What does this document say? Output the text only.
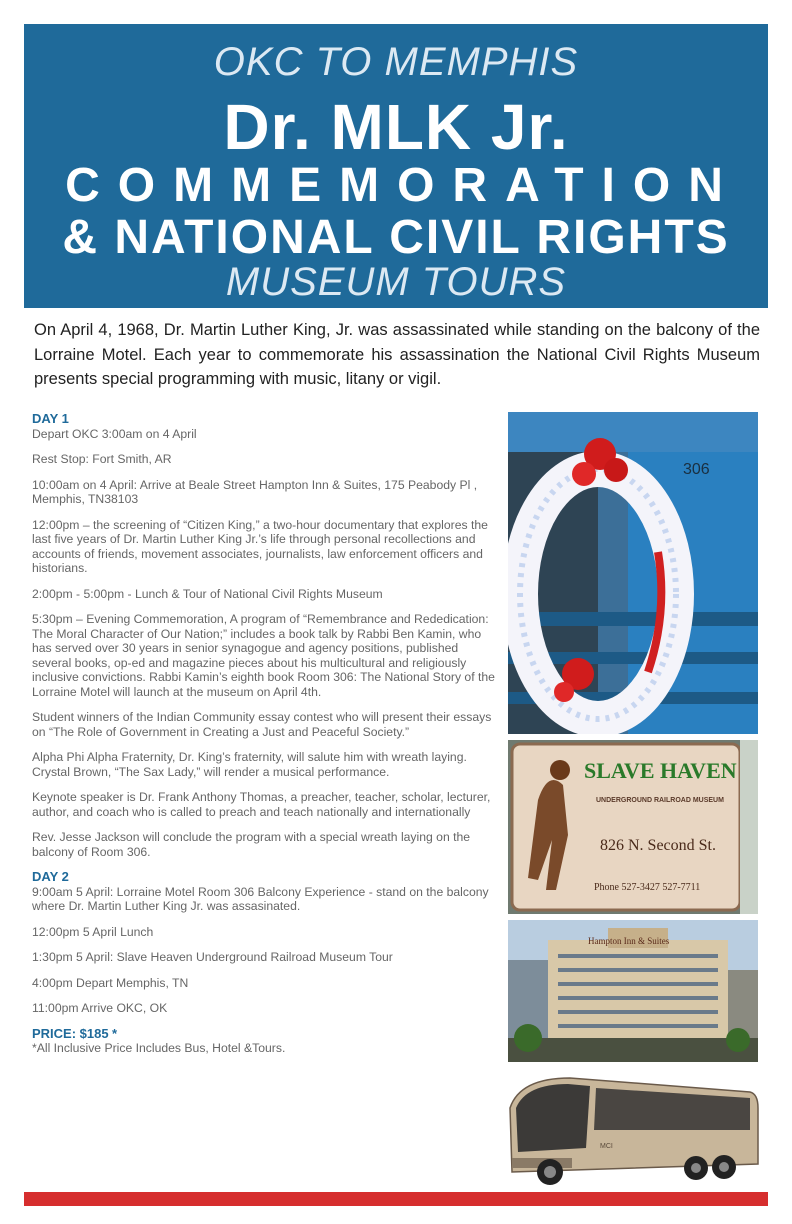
OKC TO MEMPHIS
Dr. MLK Jr.
COMMEMORATION
& NATIONAL CIVIL RIGHTS
MUSEUM TOURS

On April 4, 1968, Dr. Martin Luther King, Jr. was assassinated while standing on the balcony of the Lorraine Motel. Each year to commemorate his assassination the National Civil Rights Museum presents special programming with music, litany or vigil.

DAY 1

Depart OKC 3:00am on 4 April

Rest Stop: Fort Smith, AR

10:00am on 4 April: Arrive at Beale Street Hampton Inn & Suites, 175 Peabody Pl , Memphis, TN38103

12:00pm – the screening of “Citizen King,” a two-hour documentary that explores the last five years of Dr. Martin Luther King Jr.’s life through personal recollections and accounts of friends, movement associates, journalists, law enforcement officers and historians.

2:00pm - 5:00pm - Lunch & Tour of National Civil Rights Museum

5:30pm – Evening Commemoration, A program of “Remembrance and Rededication: The Moral Character of Our Nation;” includes a book talk by Rabbi Ben Kamin, who has served over 30 years in senior synagogue and agency positions, published several books, op-ed and magazine pieces about his multicultural and religiously inclusive convictions. Rabbi Kamin’s eighth book Room 306: The National Story of the Lorraine Motel will launch at the museum on April 4th.

Student winners of the Indian Community essay contest who will present their essays on “The Role of Government in Creating a Just and Peaceful Society.”

Alpha Phi Alpha Fraternity, Dr. King’s fraternity, will salute him with wreath laying. Crystal Brown, “The Sax Lady,” will render a musical performance.

Keynote speaker is Dr. Frank Anthony Thomas, a preacher, teacher, scholar, lecturer, author, and coach who is called to preach and teach nationally and internationally

Rev. Jesse Jackson will conclude the program with a special wreath laying on the balcony of Room 306.

DAY 2

9:00am 5 April: Lorraine Motel Room 306 Balcony Experience - stand on the balcony where Dr. Martin Luther King Jr. was assasinated.

12:00pm 5 April Lunch

1:30pm 5 April: Slave Heaven Underground Railroad Museum Tour

4:00pm Depart Memphis, TN

11:00pm Arrive OKC, OK

PRICE: $185 *

*All Inclusive Price Includes Bus, Hotel &Tours.

306
SLAVE HAVEN
UNDERGROUND RAILROAD MUSEUM
826 N. Second St.
Phone 527-3427 527-7711
Hampton Inn & Suites
MCI
